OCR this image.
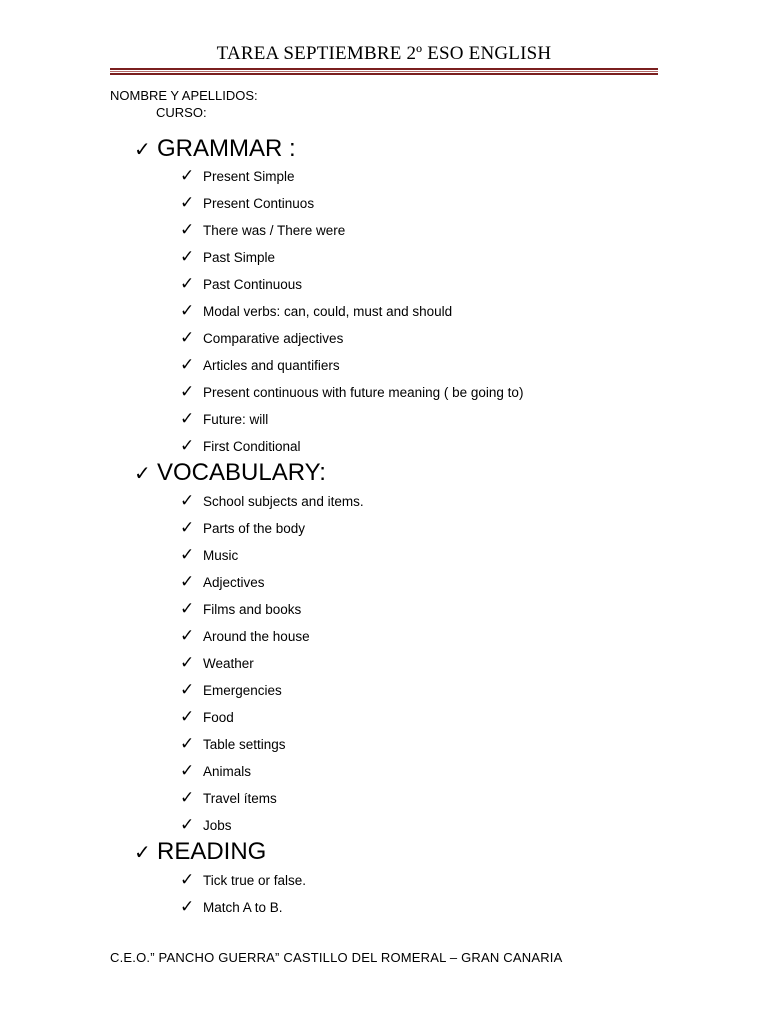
TAREA SEPTIEMBRE 2º ESO ENGLISH
NOMBRE Y APELLIDOS:
CURSO:
✓ GRAMMAR :
✓ Present Simple
✓ Present Continuos
✓ There was / There were
✓ Past Simple
✓ Past Continuous
✓ Modal verbs: can, could, must and should
✓ Comparative adjectives
✓ Articles and quantifiers
✓ Present continuous with future meaning ( be going to)
✓ Future: will
✓ First Conditional
✓ VOCABULARY:
✓ School subjects and items.
✓ Parts of the body
✓ Music
✓ Adjectives
✓ Films and books
✓ Around the house
✓ Weather
✓ Emergencies
✓ Food
✓ Table settings
✓ Animals
✓ Travel ítems
✓ Jobs
✓ READING
✓ Tick true or false.
✓ Match A to B.
C.E.O.” PANCHO GUERRA” CASTILLO DEL ROMERAL – GRAN CANARIA
